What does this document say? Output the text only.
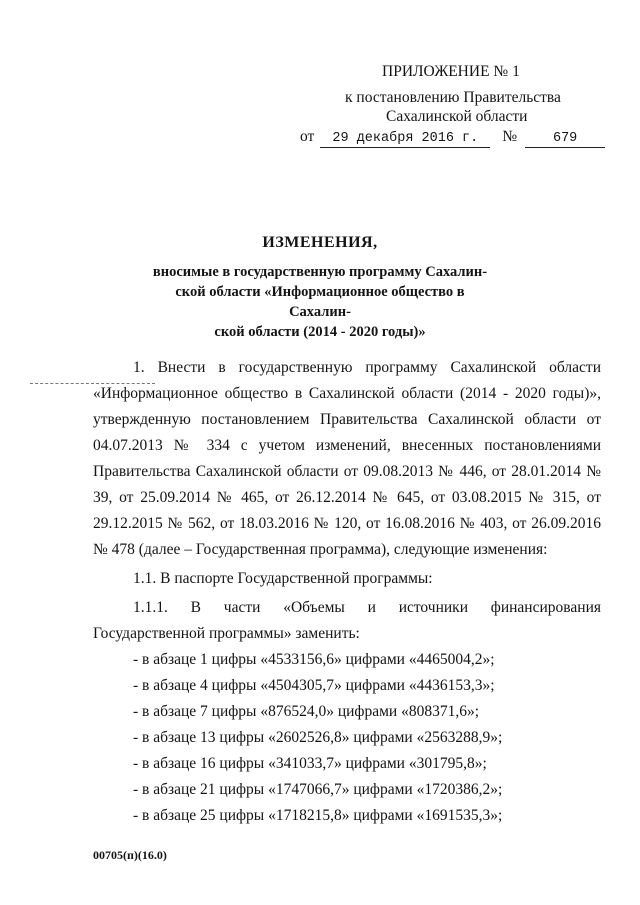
ПРИЛОЖЕНИЕ № 1
к постановлению Правительства
Сахалинской области
от 29 декабря 2016 г. №	679
ИЗМЕНЕНИЯ,
вносимые в государственную программу Сахалин-
ской области «Информационное общество в Сахалин-
ской области (2014 - 2020 годы)»

1. Внести в государственную программу Сахалинской области «Информационное общество в Сахалинской области (2014 - 2020 годы)», утвержденную постановлением Правительства Сахалинской области от 04.07.2013 № 334 с учетом изменений, внесенных постановлениями Правительства Сахалинской области от 09.08.2013 № 446, от 28.01.2014 № 39, от 25.09.2014 № 465, от 26.12.2014 № 645, от 03.08.2015 № 315, от 29.12.2015 № 562, от 18.03.2016 № 120, от 16.08.2016 № 403, от 26.09.2016 № 478 (далее – Государственная программа), следующие изменения:

1.1. В паспорте Государственной программы:

1.1.1. В части «Объемы и источники финансирования Государственной программы» заменить:

- в абзаце 1 цифры «4533156,6» цифрами «4465004,2»;
- в абзаце 4 цифры «4504305,7» цифрами «4436153,3»;
- в абзаце 7 цифры «876524,0» цифрами «808371,6»;
- в абзаце 13 цифры «2602526,8» цифрами «2563288,9»;
- в абзаце 16 цифры «341033,7» цифрами «301795,8»;
- в абзаце 21 цифры «1747066,7» цифрами «1720386,2»;
- в абзаце 25 цифры «1718215,8» цифрами «1691535,3»;
00705(п)(16.0)
